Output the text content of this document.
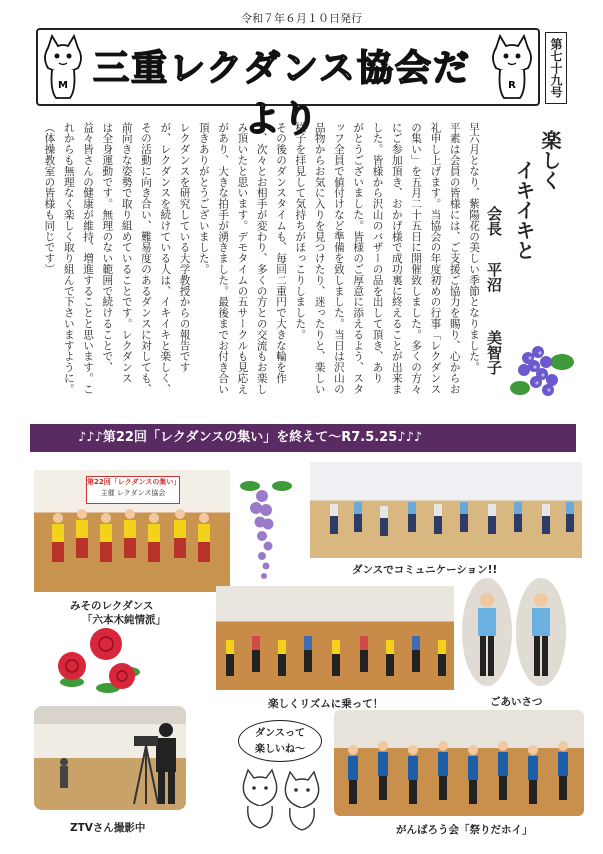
令和７年６月１０日発行
M	R
三重レクダンス協会だより
第七十九号
楽しく
イキイキと
会長
平沼
美智子
早六月となり、紫陽花の美しい季節となりました。
平素は会員の皆様には、ご支援ご協力を賜り、心からお
礼申し上げます。当協会の年度初めの行事「レクダンス
の集い」を五月二十五日に開催致しました。多くの方々
にご参加頂き、おかげ様で成功裏に終えることが出来ま
した。皆様から沢山のバザーの品を出して頂き、あり
がとうございました。皆様のご厚意に添えるよう、スタ
ッフ全員で値付けなど準備を致しました。当日は沢山の
品物からお気に入りを見つけたり、迷ったりと、楽しい
様子を拝見して気持ちがほっこりしました。
その後のダンスタイムも、毎回二重円で大きな輪を作
り、次々とお相手が変わり、多くの方との交流もお楽し
み頂いたと思います。デモタイムの五サークルも見応え
があり、大きな拍手が湧きました。最後までお付き合い
頂きありがとうございました。
レクダンスを研究している大学教授からの報告です
が、レクダンスを続けている人は、イキイキと楽しく、
その活動に向き合い、難易度のあるダンスに対しても、
前向きな姿勢で取り組めていることです。レクダンス
は全身運動です。無理のない範囲で続けることで、
益々皆さんの健康が維持、増進することと思います。こ
れからも無理なく楽しく取り組んで下さいますように。
（体操教室の皆様も同じです）
♪♪♪第22回「レクダンスの集い」を終えて～R7.5.25♪♪♪
第22回「レクダンスの集い」
主催 レクダンス協会
みそのレクダンス
「六本木純情派」
ダンスでコミュニケーション!!
楽しくリズムに乗って！	ごあいさつ
ZTVさん撮影中
ダンスって
楽しいね～
がんばろう会「祭りだホイ」
